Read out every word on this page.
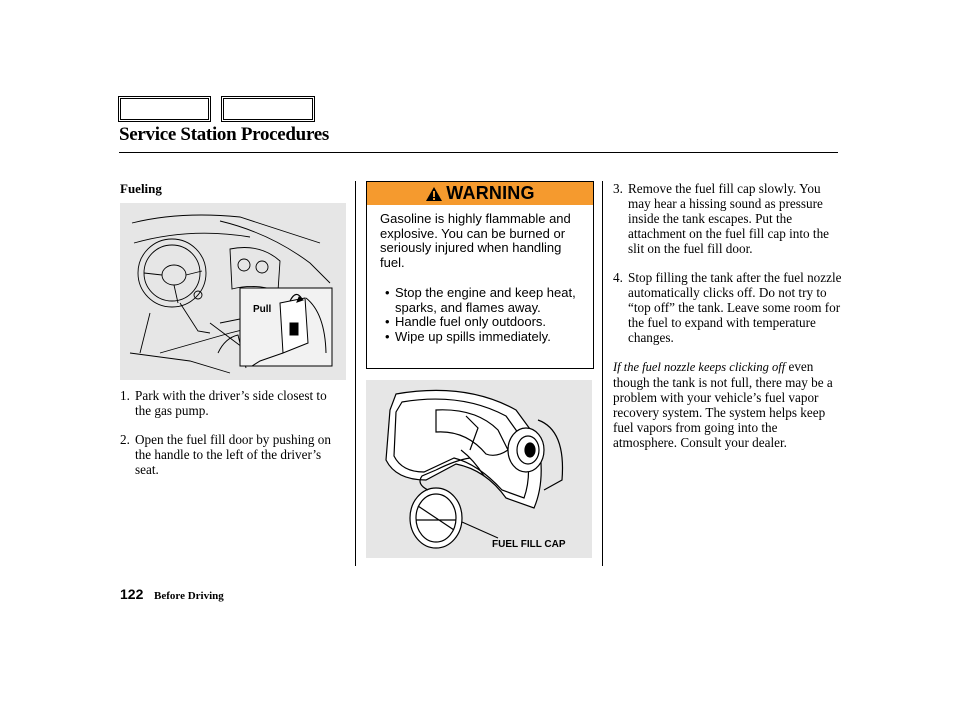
Service Station Procedures
Fueling
Pull
1. Park with the driver’s side closest to the gas pump.
2. Open the fuel fill door by pushing on the handle to the left of the driver’s seat.
WARNING
Gasoline is highly flammable and explosive. You can be burned or seriously injured when handling fuel.
• Stop the engine and keep heat, sparks, and flames away.
• Handle fuel only outdoors.
• Wipe up spills immediately.
FUEL FILL CAP
3. Remove the fuel fill cap slowly. You may hear a hissing sound as pressure inside the tank escapes. Put the attachment on the fuel fill cap into the slit on the fuel fill door.
4. Stop filling the tank after the fuel nozzle automatically clicks off. Do not try to “top off” the tank. Leave some room for the fuel to expand with temperature changes.
If the fuel nozzle keeps clicking off even though the tank is not full, there may be a problem with your vehicle’s fuel vapor recovery system. The system helps keep fuel vapors from going into the atmosphere. Consult your dealer.
122 Before Driving
